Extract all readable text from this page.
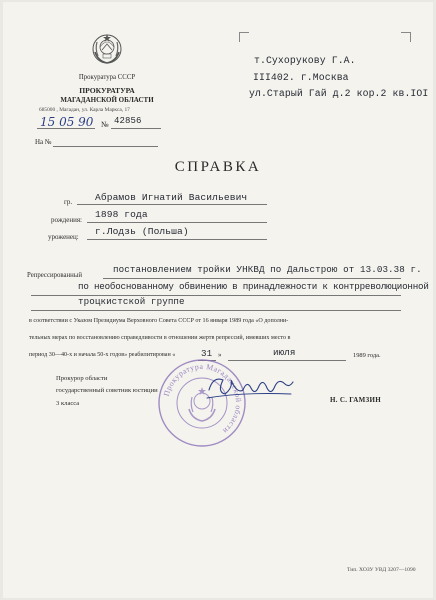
Прокуратура СССР
ПРОКУРАТУРА
МАГАДАНСКОЙ ОБЛАСТИ
685000 , Магадан, ул. Карла Маркса, 17
15 05 90 № 42856
На №
т.Сухорукову Г.А.
III402. г.Москва
ул.Старый Гай д.2 кор.2 кв.IOI
СПРАВКА
гр. Абрамов Игнатий Васильевич
рождения: 1898 года
уроженец: г.Лодзь (Польша)
Репрессированный
постановлением тройки УНКВД по Дальстрою от 13.03.38 г.
по необоснованному обвинению в принадлежности к контрреволюционной
троцкистской группе
в соответствии с Указом Президиума Верховного Совета СССР от 16 января 1989 года «О дополни-
тельных мерах по восстановлению справедливости в отношении жертв репрессий, имевших место в
период 30—40-х и начала 50-х годов» реабилитирован «	31 »	июля	1989 года.
Прокурор области
государственный советник юстиции
3 класса	Н. С. ГАМЗИН
Прокуратура Магаданской области
Тип. ХОЗУ УВД 3207—1090
